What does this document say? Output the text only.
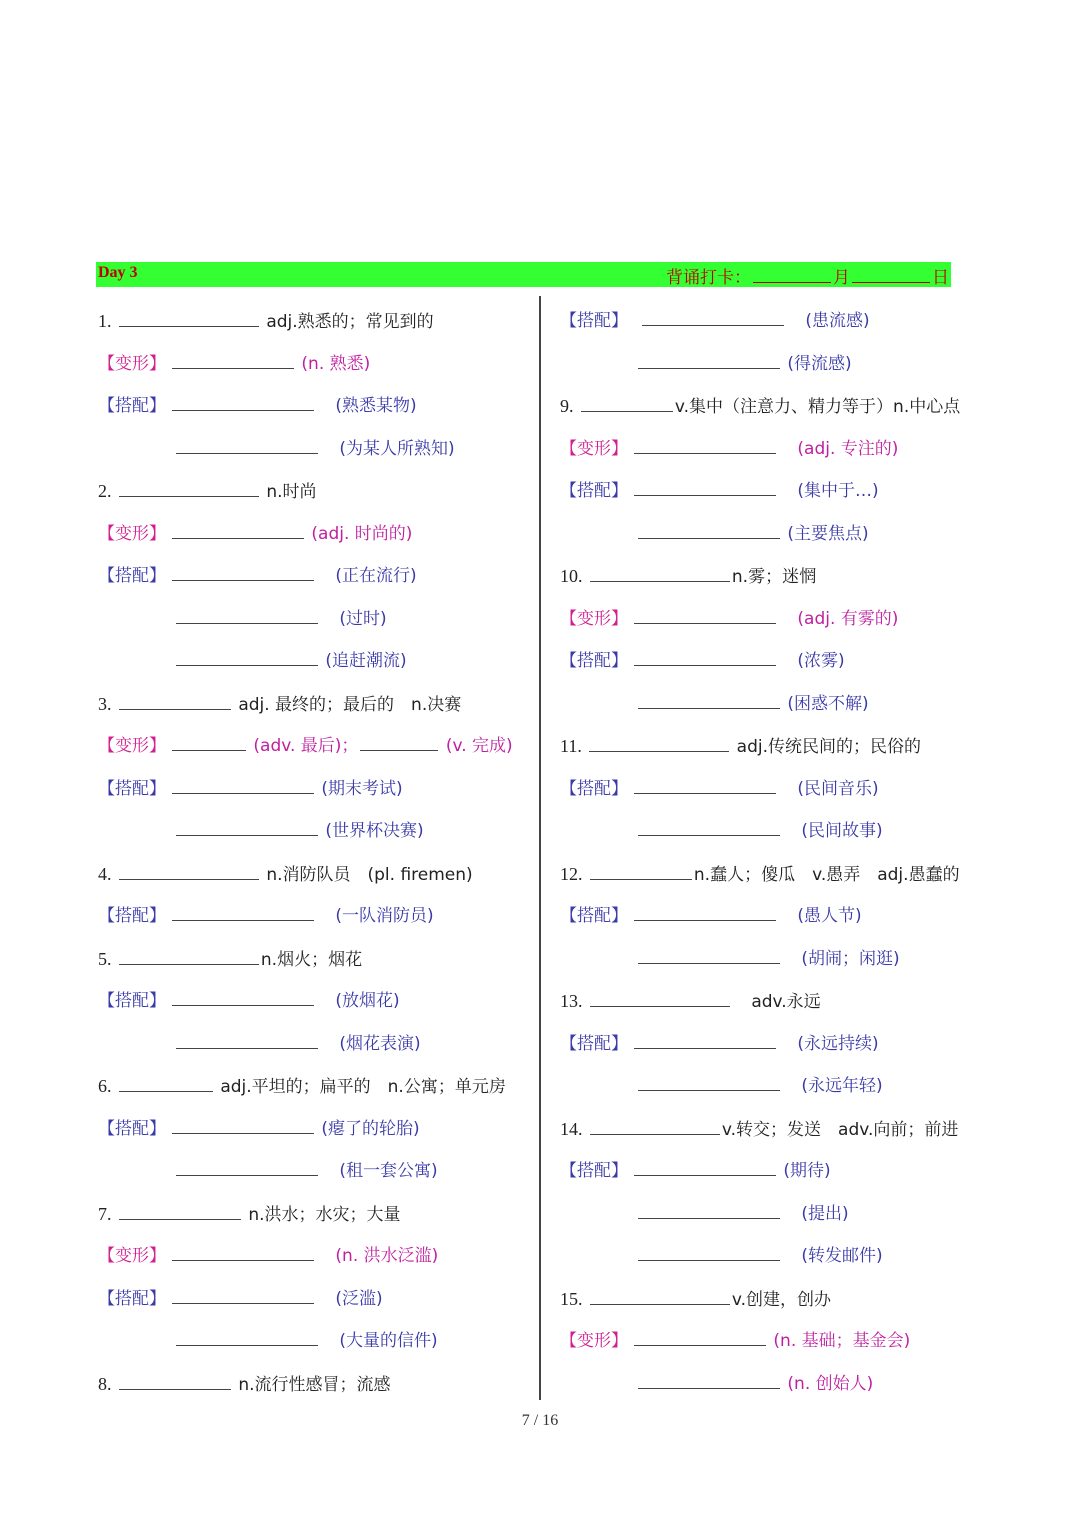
Day 3	背诵打卡：	月	日
1.	adj.熟悉的；常见到的
【变形】	(n. 熟悉)
【搭配】	(熟悉某物)
(为某人所熟知)
2.	n.时尚
【变形】	(adj. 时尚的)
【搭配】	(正在流行)
(过时)
(追赶潮流)
3.	adj. 最终的；最后的　n.决赛
【变形】	(adv. 最后)；	(v. 完成)
【搭配】	(期末考试)
(世界杯决赛)
4.	n.消防队员　(pl. firemen)
【搭配】	(一队消防员)
5.	n.烟火；烟花
【搭配】	(放烟花)
(烟花表演)
6.	adj.平坦的；扁平的　n.公寓；单元房
【搭配】	(瘪了的轮胎)
(租一套公寓)
7.	n.洪水；水灾；大量
【变形】	(n. 洪水泛滥)
【搭配】	(泛滥)
(大量的信件)
8.	n.流行性感冒；流感
【搭配】	(患流感)
(得流感)
9.	v.集中（注意力、精力等于）n.中心点
【变形】	(adj. 专注的)
【搭配】	(集中于…)
(主要焦点)
10.	n.雾；迷惘
【变形】	(adj. 有雾的)
【搭配】	(浓雾)
(困惑不解)
11.	adj.传统民间的；民俗的
【搭配】	(民间音乐)
(民间故事)
12.	n.蠢人；傻瓜　v.愚弄　adj.愚蠢的
【搭配】	(愚人节)
(胡闹；闲逛)
13.	adv.永远
【搭配】	(永远持续)
(永远年轻)
14.	v.转交；发送　adv.向前；前进
【搭配】	(期待)
(提出)
(转发邮件)
15.	v.创建，创办
【变形】	(n. 基础；基金会)
(n. 创始人)
7 / 16
